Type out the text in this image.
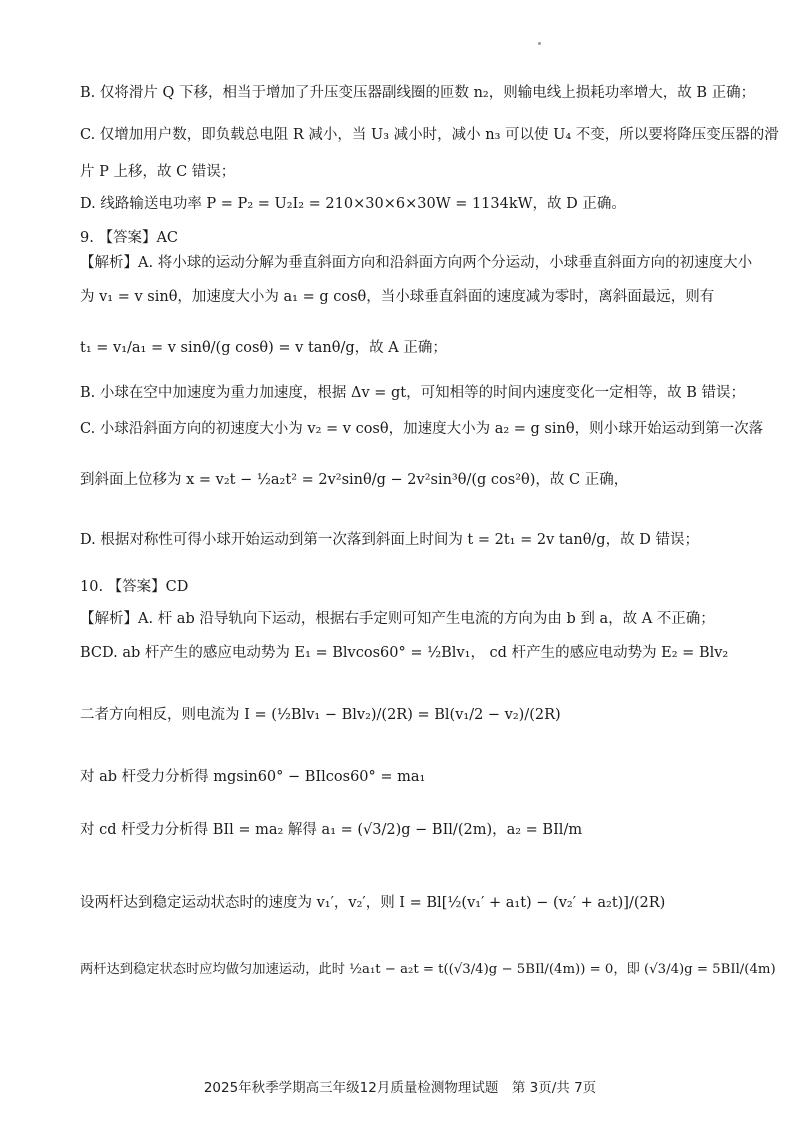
B. 仅将滑片 Q 下移，相当于增加了升压变压器副线圈的匝数 n₂，则输电线上损耗功率增大，故 B 正确；
C. 仅增加用户数，即负载总电阻 R 减小，当 U₃ 减小时，减小 n₃ 可以使 U₄ 不变，所以要将降压变压器的滑
片 P 上移，故 C 错误；
D. 线路输送电功率 P = P₂ = U₂I₂ = 210×30×6×30W = 1134kW，故 D 正确。
9. 【答案】AC
【解析】A. 将小球的运动分解为垂直斜面方向和沿斜面方向两个分运动，小球垂直斜面方向的初速度大小
为 v₁ = v sinθ，加速度大小为 a₁ = g cosθ，当小球垂直斜面的速度减为零时，离斜面最远，则有
t₁ = v₁/a₁ = v sinθ/(g cosθ) = v tanθ/g，故 A 正确；
B. 小球在空中加速度为重力加速度，根据 Δv = gt，可知相等的时间内速度变化一定相等，故 B 错误；
C. 小球沿斜面方向的初速度大小为 v₂ = v cosθ，加速度大小为 a₂ = g sinθ，则小球开始运动到第一次落
到斜面上位移为 x = v₂t − ½a₂t² = 2v²sinθ/g − 2v²sin³θ/(g cos²θ)，故 C 正确，
D. 根据对称性可得小球开始运动到第一次落到斜面上时间为 t = 2t₁ = 2v tanθ/g，故 D 错误；
10. 【答案】CD
【解析】A. 杆 ab 沿导轨向下运动，根据右手定则可知产生电流的方向为由 b 到 a，故 A 不正确；
BCD. ab 杆产生的感应电动势为 E₁ = Blvcos60° = ½Blv₁， cd 杆产生的感应电动势为 E₂ = Blv₂
二者方向相反，则电流为 I = (½Blv₁ − Blv₂)/(2R) = Bl(v₁/2 − v₂)/(2R)
对 ab 杆受力分析得 mgsin60° − BIlcos60° = ma₁
对 cd 杆受力分析得 BIl = ma₂ 解得 a₁ = (√3/2)g − BIl/(2m)，a₂ = BIl/m
设两杆达到稳定运动状态时的速度为 v₁′，v₂′，则 I = Bl[½(v₁′ + a₁t) − (v₂′ + a₂t)]/(2R)
两杆达到稳定状态时应均做匀加速运动，此时 ½a₁t − a₂t = t((√3/4)g − 5BIl/(4m)) = 0，即 (√3/4)g = 5BIl/(4m)
2025年秋季学期高三年级12月质量检测物理试题　第 3页/共 7页
